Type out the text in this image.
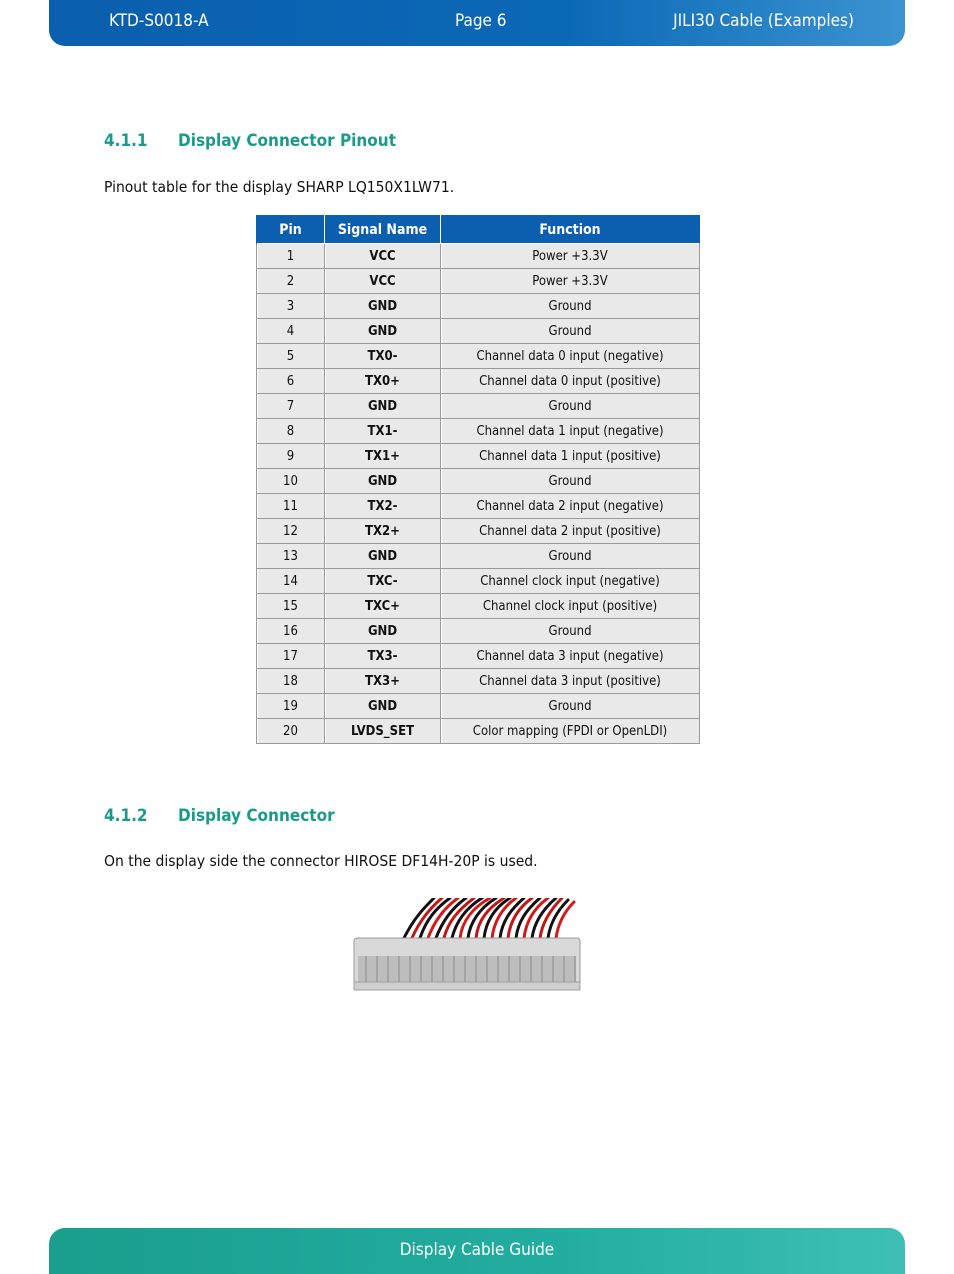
KTD-S0018-A	Page 6	JILI30 Cable (Examples)
4.1.1 Display Connector Pinout
Pinout table for the display SHARP LQ150X1LW71.
Pin	Signal Name	Function
1	VCC	Power +3.3V
2	VCC	Power +3.3V
3	GND	Ground
4	GND	Ground
5	TX0-	Channel data 0 input (negative)
6	TX0+	Channel data 0 input (positive)
7	GND	Ground
8	TX1-	Channel data 1 input (negative)
9	TX1+	Channel data 1 input (positive)
10	GND	Ground
11	TX2-	Channel data 2 input (negative)
12	TX2+	Channel data 2 input (positive)
13	GND	Ground
14	TXC-	Channel clock input (negative)
15	TXC+	Channel clock input (positive)
16	GND	Ground
17	TX3-	Channel data 3 input (negative)
18	TX3+	Channel data 3 input (positive)
19	GND	Ground
20	LVDS_SET	Color mapping (FPDI or OpenLDI)
4.1.2 Display Connector
On the display side the connector HIROSE DF14H-20P is used.
Display Cable Guide
